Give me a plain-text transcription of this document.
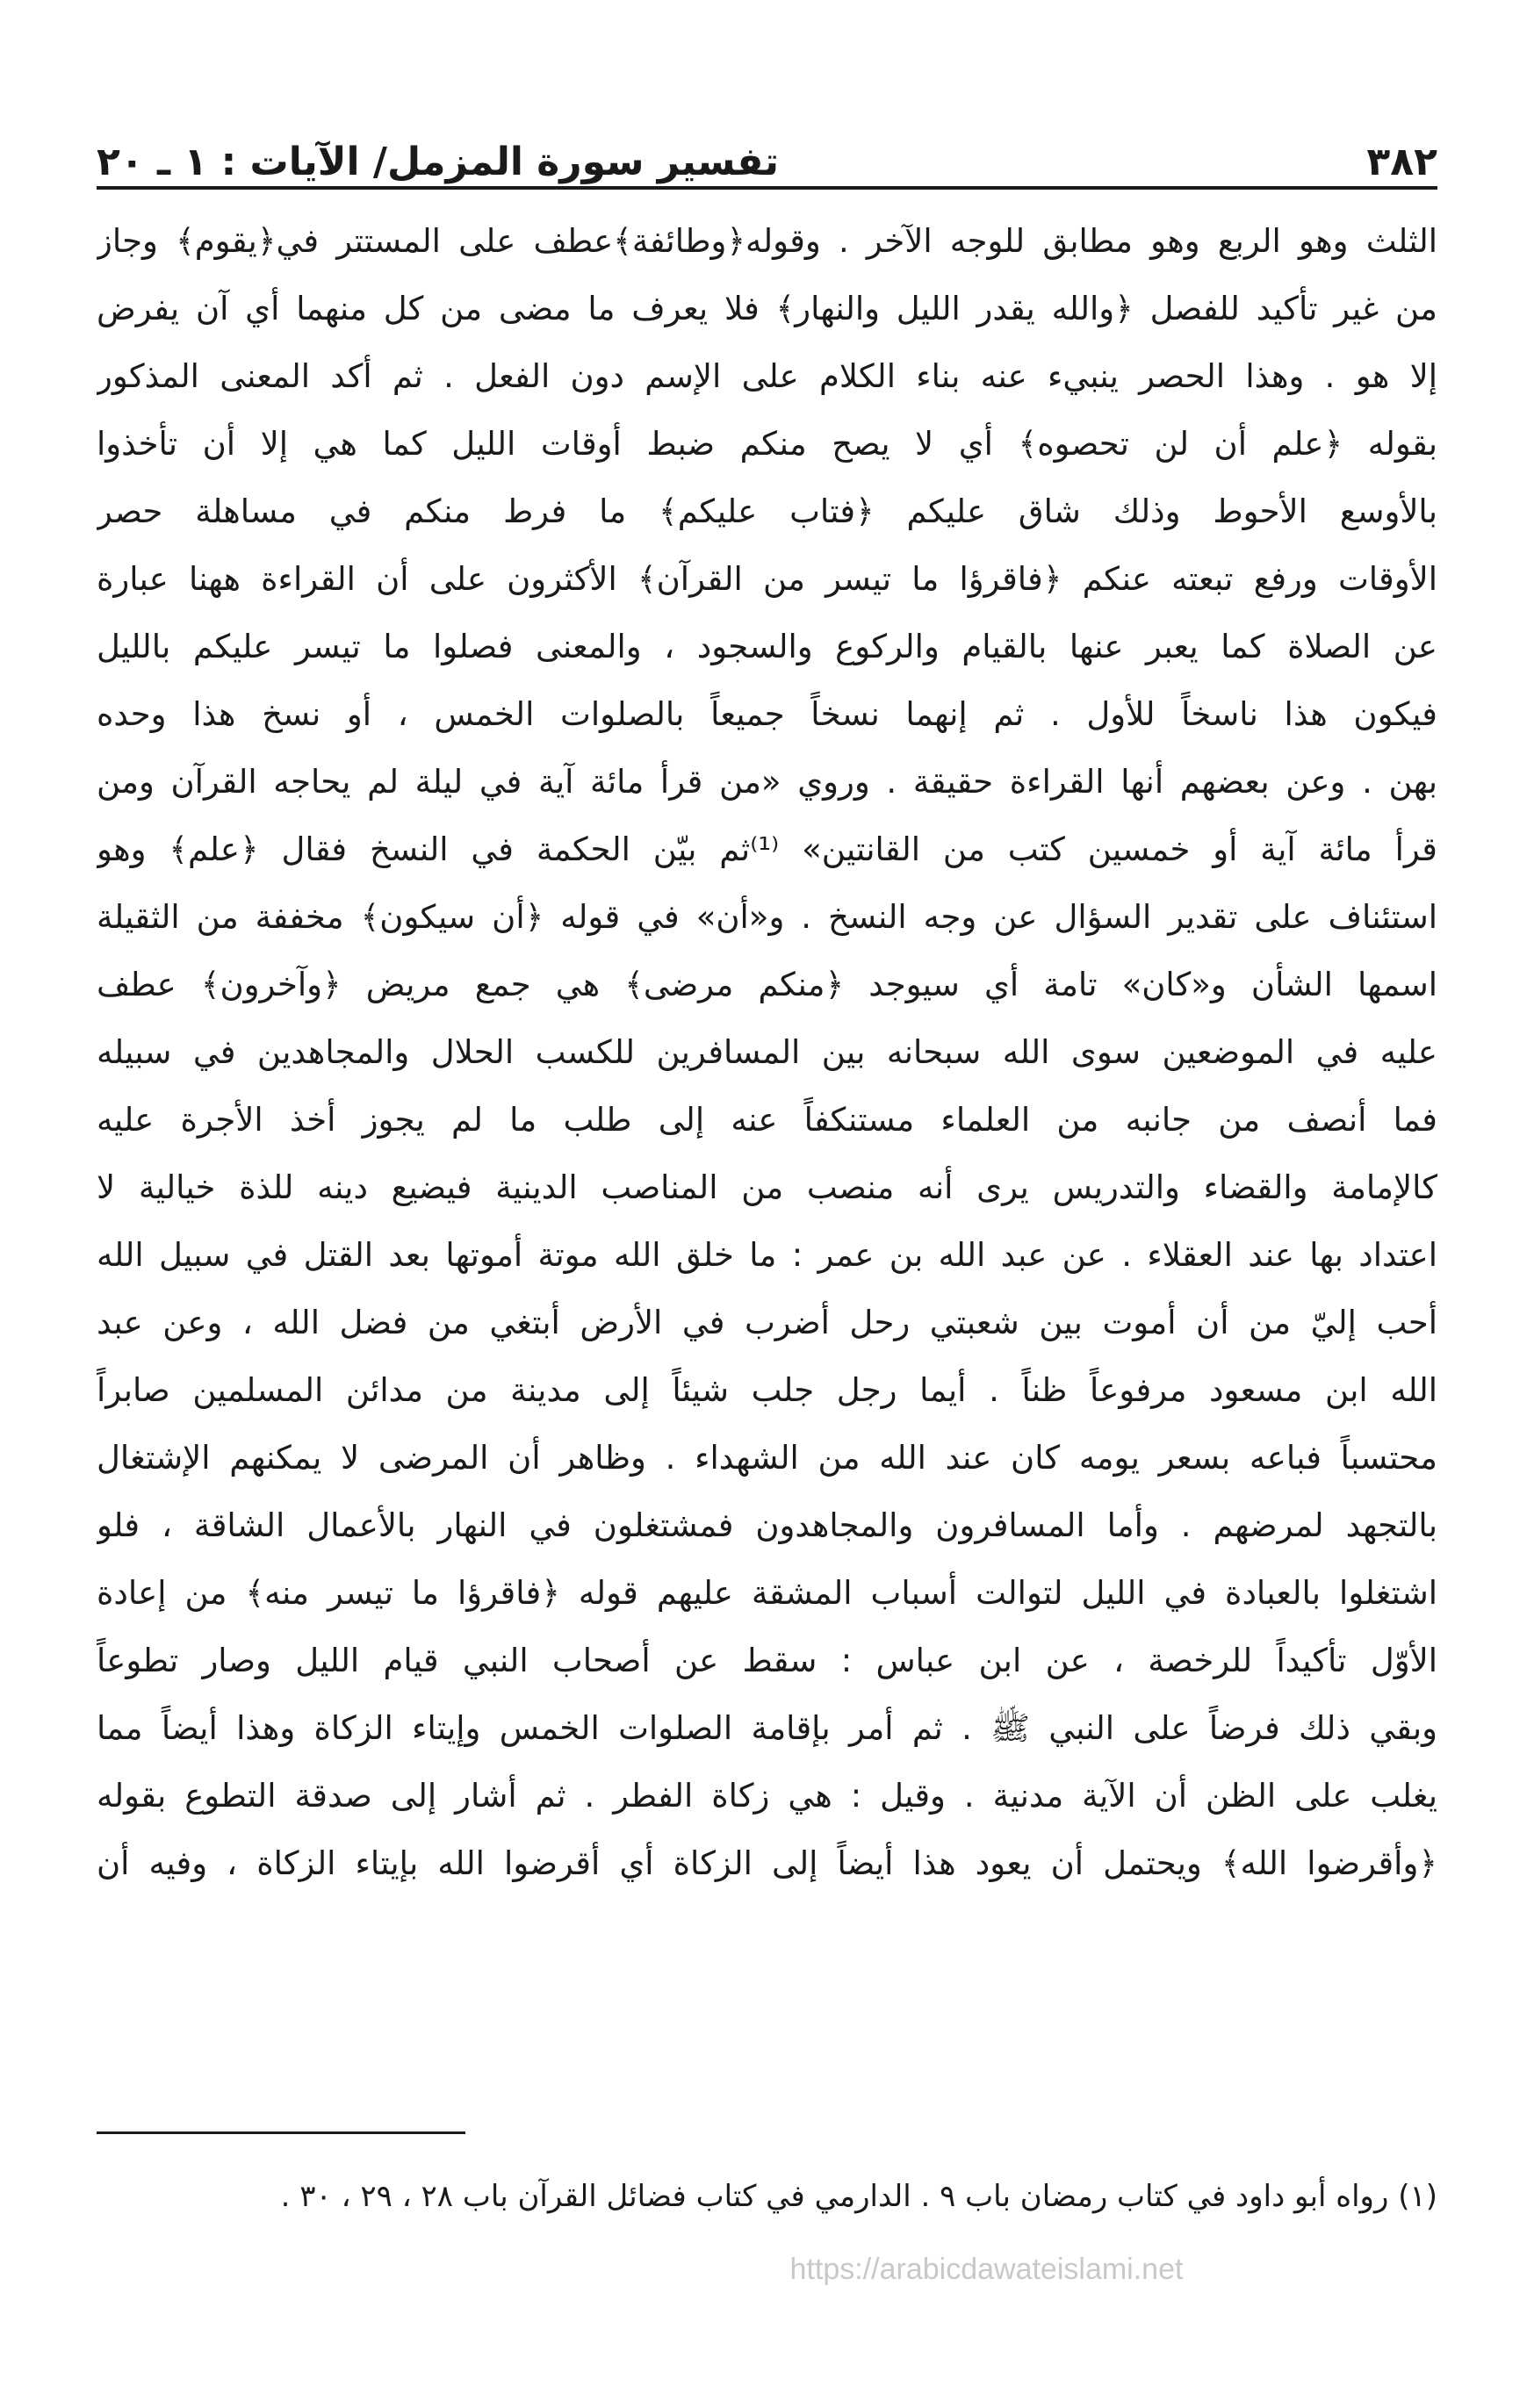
٣٨٢
تفسير سورة المزمل/ الآيات : ١ ـ ٢٠
الثلث وهو الربع وهو مطابق للوجه الآخر . وقوله﴿وطائفة﴾عطف على المستتر في﴿يقوم﴾ وجاز
من غير تأكيد للفصل ﴿والله يقدر الليل والنهار﴾ فلا يعرف ما مضى من كل منهما أي آن يفرض
إلا هو . وهذا الحصر ينبيء عنه بناء الكلام على الإسم دون الفعل . ثم أكد المعنى المذكور
بقوله ﴿علم أن لن تحصوه﴾ أي لا يصح منكم ضبط أوقات الليل كما هي إلا أن تأخذوا
بالأوسع الأحوط وذلك شاق عليكم ﴿فتاب عليكم﴾ ما فرط منكم في مساهلة حصر
الأوقات ورفع تبعته عنكم ﴿فاقرؤا ما تيسر من القرآن﴾ الأكثرون على أن القراءة ههنا عبارة
عن الصلاة كما يعبر عنها بالقيام والركوع والسجود ، والمعنى فصلوا ما تيسر عليكم بالليل
فيكون هذا ناسخاً للأول . ثم إنهما نسخاً جميعاً بالصلوات الخمس ، أو نسخ هذا وحده
بهن . وعن بعضهم أنها القراءة حقيقة . وروي «من قرأ مائة آية في ليلة لم يحاجه القرآن ومن
قرأ مائة آية أو خمسين كتب من القانتين» ⁽¹⁾ثم بيّن الحكمة في النسخ فقال ﴿علم﴾ وهو
استئناف على تقدير السؤال عن وجه النسخ . و«أن» في قوله ﴿أن سيكون﴾ مخففة من الثقيلة
اسمها الشأن و«كان» تامة أي سيوجد ﴿منكم مرضى﴾ هي جمع مريض ﴿وآخرون﴾ عطف
عليه في الموضعين سوى الله سبحانه بين المسافرين للكسب الحلال والمجاهدين في سبيله
فما أنصف من جانبه من العلماء مستنكفاً عنه إلى طلب ما لم يجوز أخذ الأجرة عليه
كالإمامة والقضاء والتدريس يرى أنه منصب من المناصب الدينية فيضيع دينه للذة خيالية لا
اعتداد بها عند العقلاء . عن عبد الله بن عمر : ما خلق الله موتة أموتها بعد القتل في سبيل الله
أحب إليّ من أن أموت بين شعبتي رحل أضرب في الأرض أبتغي من فضل الله ، وعن عبد
الله ابن مسعود مرفوعاً ظناً . أيما رجل جلب شيئاً إلى مدينة من مدائن المسلمين صابراً
محتسباً فباعه بسعر يومه كان عند الله من الشهداء . وظاهر أن المرضى لا يمكنهم الإشتغال
بالتجهد لمرضهم . وأما المسافرون والمجاهدون فمشتغلون في النهار بالأعمال الشاقة ، فلو
اشتغلوا بالعبادة في الليل لتوالت أسباب المشقة عليهم قوله ﴿فاقرؤا ما تيسر منه﴾ من إعادة
الأوّل تأكيداً للرخصة ، عن ابن عباس : سقط عن أصحاب النبي قيام الليل وصار تطوعاً
وبقي ذلك فرضاً على النبي ﷺ . ثم أمر بإقامة الصلوات الخمس وإيتاء الزكاة وهذا أيضاً مما
يغلب على الظن أن الآية مدنية . وقيل : هي زكاة الفطر . ثم أشار إلى صدقة التطوع بقوله
﴿وأقرضوا الله﴾ ويحتمل أن يعود هذا أيضاً إلى الزكاة أي أقرضوا الله بإيتاء الزكاة ، وفيه أن
(١) رواه أبو داود في كتاب رمضان باب ٩ . الدارمي في كتاب فضائل القرآن باب ٢٨ ، ٢٩ ، ٣٠ .
https://arabicdawateislami.net
